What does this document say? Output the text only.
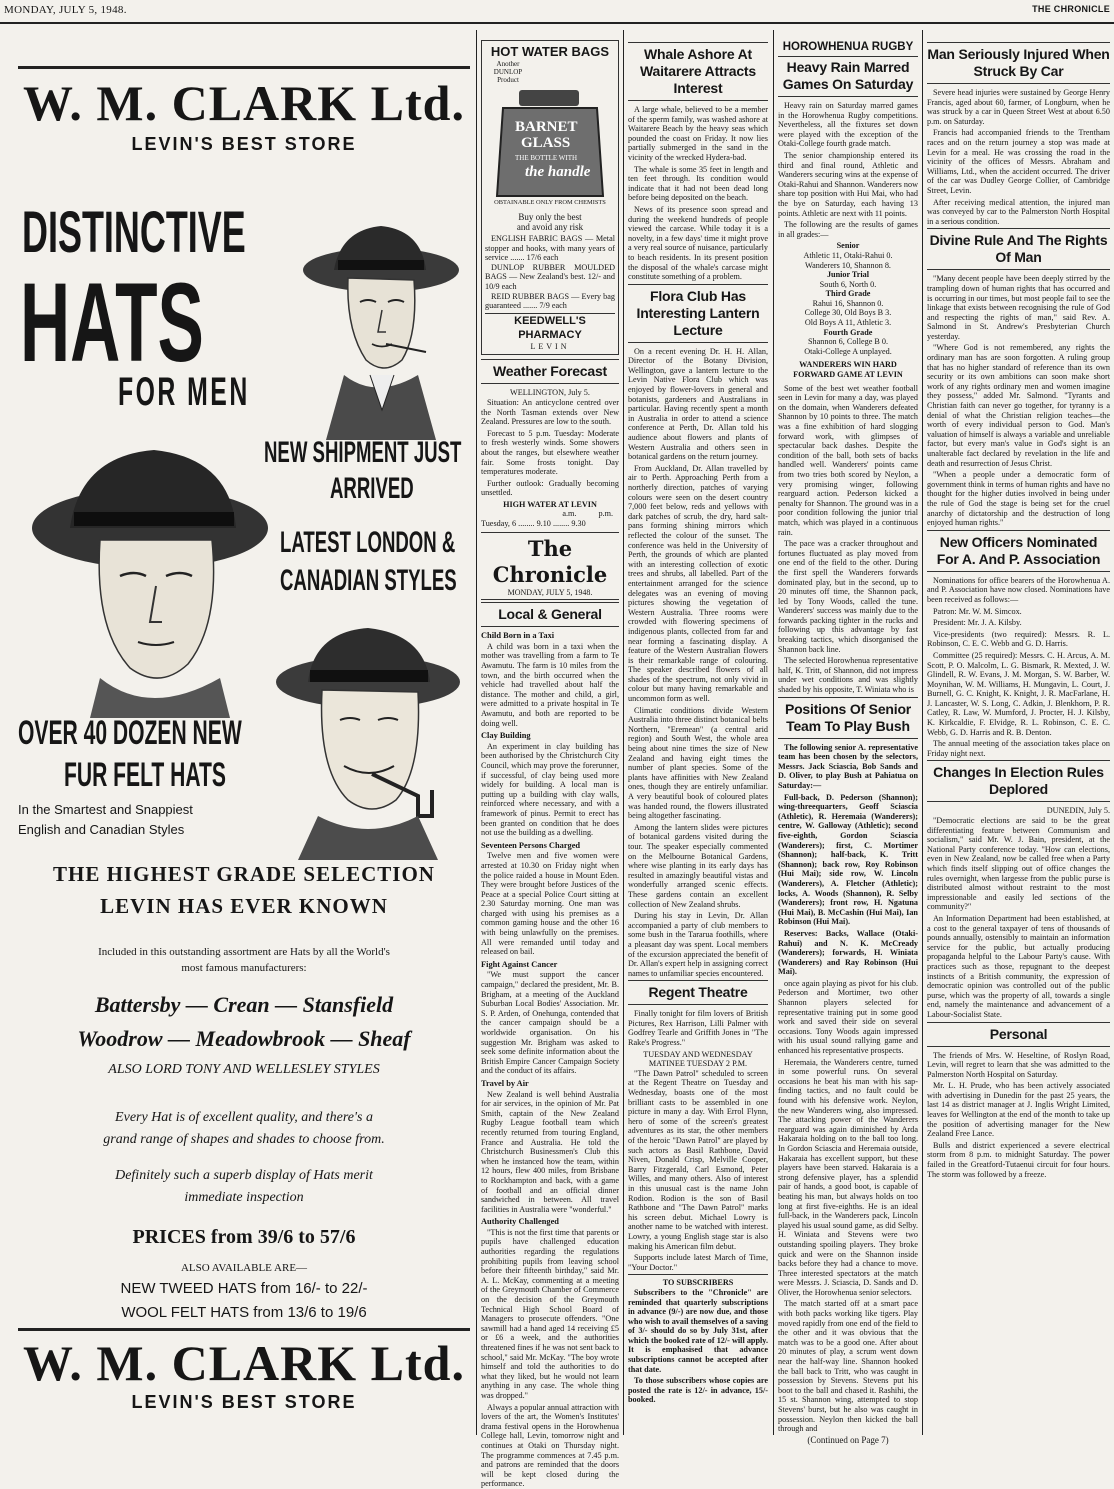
MONDAY, JULY 5, 1948.	THE CHRONICLE
W. M. CLARK Ltd.
LEVIN'S BEST STORE
DISTINCTIVE
HATS
FOR MEN
NEW SHIPMENT JUST
ARRIVED
LATEST LONDON &
CANADIAN STYLES
OVER 40 DOZEN NEW
FUR FELT HATS
In the Smartest and Snappiest
English and Canadian Styles
THE HIGHEST GRADE SELECTION
LEVIN HAS EVER KNOWN
Included in this outstanding assortment are Hats by all the World's
most famous manufacturers:
Battersby — Crean — Stansfield
Woodrow — Meadowbrook — Sheaf
ALSO LORD TONY AND WELLESLEY STYLES
Every Hat is of excellent quality, and there's a
grand range of shapes and shades to choose from.
Definitely such a superb display of Hats merit
immediate inspection
PRICES from 39/6 to 57/6
ALSO AVAILABLE ARE—
NEW TWEED HATS from 16/- to 22/-
WOOL FELT HATS from 13/6 to 19/6
W. M. CLARK Ltd.
LEVIN'S BEST STORE
HOT WATER BAGS
Another DUNLOP Product
BARNET
GLASS
THE BOTTLE WITH
the handle
OBTAINABLE ONLY FROM CHEMISTS
Buy only the best
and avoid any risk

ENGLISH FABRIC BAGS — Metal stopper and hooks, with many years of service ....... 17/6 each

DUNLOP RUBBER MOULDED BAGS — New Zealand's best. 12/- and 10/9 each

REID RUBBER BAGS — Every bag guaranteed ....... 7/9 each

KEEDWELL'S PHARMACY
LEVIN
Weather Forecast
WELLINGTON, July 5.

Situation: An anticyclone centred over the North Tasman extends over New Zealand. Pressures are low to the south.

Forecast to 5 p.m. Tuesday: Moderate to fresh westerly winds. Some showers about the ranges, but elsewhere weather fair. Some frosts tonight. Day temperatures moderate.

Further outlook: Gradually becoming unsettled.

HIGH WATER AT LEVIN
a.m.	p.m.
Tuesday, 6 ........ 9.10 ........ 9.30
The Chronicle
MONDAY, JULY 5, 1948.
Local & General
Child Born in a Taxi

A child was born in a taxi when the mother was travelling from a farm to Te Awamutu. The farm is 10 miles from the town, and the birth occurred when the vehicle had travelled about half the distance. The mother and child, a girl, were admitted to a private hospital in Te Awamutu, and both are reported to be doing well.

Clay Building

An experiment in clay building has been authorised by the Christchurch City Council, which may prove the forerunner, if successful, of clay being used more widely for building. A local man is putting up a building with clay walls, reinforced where necessary, and with a framework of pinus. Permit to erect has been granted on condition that he does not use the building as a dwelling.

Seventeen Persons Charged

Twelve men and five women were arrested at 10.30 on Friday night when the police raided a house in Mount Eden. They were brought before Justices of the Peace at a special Police Court sitting at 2.30 Saturday morning. One man was charged with using his premises as a common gaming house and the other 16 with being unlawfully on the premises. All were remanded until today and released on bail.

Fight Against Cancer

"We must support the cancer campaign," declared the president, Mr. B. Brigham, at a meeting of the Auckland Suburban Local Bodies' Association. Mr. S. P. Arden, of Onehunga, contended that the cancer campaign should be a worldwide organisation. On his suggestion Mr. Brigham was asked to seek some definite information about the British Empire Cancer Campaign Society and the conduct of its affairs.

Travel by Air

New Zealand is well behind Australia for air services, in the opinion of Mr. Pat Smith, captain of the New Zealand Rugby League football team which recently returned from touring England, France and Australia. He told the Christchurch Businessmen's Club this when he instanced how the team, within 12 hours, flew 400 miles, from Brisbane to Rockhampton and back, with a game of football and an official dinner sandwiched in between. All travel facilities in Australia were "wonderful."

Authority Challenged

"This is not the first time that parents or pupils have challenged education authorities regarding the regulations prohibiting pupils from leaving school before their fifteenth birthday," said Mr. A. L. McKay, commenting at a meeting of the Greymouth Chamber of Commerce on the decision of the Greymouth Technical High School Board of Managers to prosecute offenders. "One sawmill had a hand aged 14 receiving £5 or £6 a week, and the authorities threatened fines if he was not sent back to school," said Mr. McKay. "The boy wrote himself and told the authorities to do what they liked, but he would not learn anything in any case. The whole thing was dropped."

Always a popular annual attraction with lovers of the art, the Women's Institutes' drama festival opens in the Horowhenua College hall, Levin, tomorrow night and continues at Otaki on Thursday night. The programme commences at 7.45 p.m. and patrons are reminded that the doors will be kept closed during the performance.

Whale Ashore At Waitarere Attracts Interest

A large whale, believed to be a member of the sperm family, was washed ashore at Waitarere Beach by the heavy seas which pounded the coast on Friday. It now lies partially submerged in the sand in the vicinity of the wrecked Hydera-bad.

The whale is some 35 feet in length and ten feet through. Its condition would indicate that it had not been dead long before being deposited on the beach.

News of its presence soon spread and during the weekend hundreds of people viewed the carcase. While today it is a novelty, in a few days' time it might prove a very real source of nuisance, particularly to beach residents. In its present position the disposal of the whale's carcase might constitute something of a problem.

Flora Club Has Interesting Lantern Lecture

On a recent evening Dr. H. H. Allan, Director of the Botany Division, Wellington, gave a lantern lecture to the Levin Native Flora Club which was enjoyed by flower-lovers in general and botanists, gardeners and Australians in particular. Having recently spent a month in Australia in order to attend a science conference at Perth, Dr. Allan told his audience about flowers and plants of Western Australia and others seen in botanical gardens on the return journey.

From Auckland, Dr. Allan travelled by air to Perth. Approaching Perth from a northerly direction, patches of varying colours were seen on the desert country 7,000 feet below, reds and yellows with dark patches of scrub, the dry, hard salt-pans forming shining mirrors which reflected the colour of the sunset. The conference was held in the University of Perth, the grounds of which are planted with an interesting collection of exotic trees and shrubs, all labelled. Part of the entertainment arranged for the science delegates was an evening of moving pictures showing the vegetation of Western Australia. Three rooms were crowded with flowering specimens of indigenous plants, collected from far and near forming a fascinating display. A feature of the Western Australian flowers is their remarkable range of colouring. The speaker described flowers of all shades of the spectrum, not only vivid in colour but many having remarkable and uncommon form as well.

Climatic conditions divide Western Australia into three distinct botanical belts Northern, "Eremean" (a central arid region) and South West, the whole area being about nine times the size of New Zealand and having eight times the number of plant species. Some of the plants have affinities with New Zealand ones, though they are entirely unfamiliar. A very beautiful book of coloured plates was handed round, the flowers illustrated being altogether fascinating.

Among the lantern slides were pictures of botanical gardens visited during the tour. The speaker especially commented on the Melbourne Botanical Gardens, where wise planting in its early days has resulted in amazingly beautiful vistas and wonderfully arranged scenic effects. These gardens contain an excellent collection of New Zealand shrubs.

During his stay in Levin, Dr. Allan accompanied a party of club members to some bush in the Tararua foothills, where a pleasant day was spent. Local members of the excursion appreciated the benefit of Dr. Allan's expert help in assigning correct names to unfamiliar species encountered.

Regent Theatre

Finally tonight for film lovers of British Pictures, Rex Harrison, Lilli Palmer with Godfrey Tearle and Griffith Jones in "The Rake's Progress."

TUESDAY AND WEDNESDAY MATINEE TUESDAY 2 P.M.

"The Dawn Patrol" scheduled to screen at the Regent Theatre on Tuesday and Wednesday, boasts one of the most brilliant casts to be assembled in one picture in many a day. With Errol Flynn, hero of some of the screen's greatest adventures as its star, the other members of the heroic "Dawn Patrol" are played by such actors as Basil Rathbone, David Niven, Donald Crisp, Melville Cooper, Barry Fitzgerald, Carl Esmond, Peter Willes, and many others. Also of interest in this unusual cast is the name John Rodion. Rodion is the son of Basil Rathbone and "The Dawn Patrol" marks his screen debut. Michael Lowry is another name to be watched with interest. Lowry, a young English stage star is also making his American film debut.

Supports include latest March of Time, "Your Doctor."

TO SUBSCRIBERS

Subscribers to the "Chronicle" are reminded that quarterly subscriptions in advance (9/-) are now due, and those who wish to avail themselves of a saving of 3/- should do so by July 31st, after which the booked rate of 12/- will apply. It is emphasised that advance subscriptions cannot be accepted after that date.

To those subscribers whose copies are posted the rate is 12/- in advance, 15/- booked.

HOROWHENUA RUGBY
Heavy Rain Marred Games On Saturday

Heavy rain on Saturday marred games in the Horowhenua Rugby competitions. Nevertheless, all the fixtures set down were played with the exception of the Otaki-College fourth grade match.

The senior championship entered its third and final round, Athletic and Wanderers securing wins at the expense of Otaki-Rahui and Shannon. Wanderers now share top position with Hui Mai, who had the bye on Saturday, each having 13 points. Athletic are next with 11 points.

The following are the results of games in all grades:—

Senior
Athletic 11, Otaki-Rahui 0.
Wanderers 10, Shannon 8.
Junior Trial
South 6, North 0.
Third Grade
Rahui 16, Shannon 0.
College 30, Old Boys B 3.
Old Boys A 11, Athletic 3.
Fourth Grade
Shannon 6, College B 0.
Otaki-College A unplayed.
WANDERERS WIN HARD FORWARD GAME AT LEVIN

Some of the best wet weather football seen in Levin for many a day, was played on the domain, when Wanderers defeated Shannon by 10 points to three. The match was a fine exhibition of hard slogging forward work, with glimpses of spectacular back dashes. Despite the condition of the ball, both sets of backs handled well. Wanderers' points came from two tries both scored by Neylon, a very promising winger, following rearguard action. Pederson kicked a penalty for Shannon. The ground was in a poor condition following the junior trial match, which was played in a continuous rain.

The pace was a cracker throughout and fortunes fluctuated as play moved from one end of the field to the other. During the first spell the Wanderers forwards dominated play, but in the second, up to 20 minutes off time, the Shannon pack, led by Tony Woods, called the tune. Wanderers' success was mainly due to the forwards packing tighter in the rucks and following up this advantage by fast breaking tactics, which disorganised the Shannon back line.

The selected Horowhenua representative half, K. Tritt, of Shannon, did not impress under wet conditions and was slightly shaded by his opposite, T. Winiata who is

Positions Of Senior Team To Play Bush

The following senior A. representative team has been chosen by the selectors, Messrs. Jack Sciascia, Bob Sands and D. Oliver, to play Bush at Pahiatua on Saturday:—

Full-back, D. Pederson (Shannon); wing-threequarters, Geoff Sciascia (Athletic), R. Heremaia (Wanderers); centre, W. Galloway (Athletic); second five-eighth, Gordon Sciascia (Wanderers); first, C. Mortimer (Shannon); half-back, K. Tritt (Shannon); back row, Roy Robinson (Hui Mai); side row, W. Lincoln (Wanderers), A. Fletcher (Athletic); locks, A. Woods (Shannon), R. Selby (Wanderers); front row, H. Ngatuna (Hui Mai), B. McCashin (Hui Mai), Ian Robinson (Hui Mai).

Reserves: Backs, Wallace (Otaki-Rahui) and N. K. McCready (Wanderers); forwards, H. Winiata (Wanderers) and Ray Robinson (Hui Mai).

once again playing as pivot for his club. Pederson and Mortimer, two other Shannon players selected for representative training put in some good work and saved their side on several occasions. Tony Woods again impressed with his usual sound rallying game and enhanced his representative prospects.

Heremaia, the Wanderers centre, turned in some powerful runs. On several occasions he beat his man with his sap-finding tactics, and no fault could be found with his defensive work. Neylon, the new Wanderers wing, also impressed. The attacking power of the Wanderers rearguard was again diminished by Arda Hakaraia holding on to the ball too long. In Gordon Sciascia and Heremaia outside, Hakaraia has excellent support, but these players have been starved. Hakaraia is a strong defensive player, has a splendid pair of hands, a good boot, is capable of beating his man, but always holds on too long at first five-eighths. He is an ideal full-back, in the Wanderers pack, Lincoln played his usual sound game, as did Selby. H. Winiata and Stevens were two outstanding spoiling players. They broke quick and were on the Shannon inside backs before they had a chance to move. Three interested spectators at the match were Messrs. J. Sciascia, D. Sands and D. Oliver, the Horowhenua senior selectors.

The match started off at a smart pace with both packs working like tigers. Play moved rapidly from one end of the field to the other and it was obvious that the match was to be a good one. After about 20 minutes of play, a scrum went down near the half-way line. Shannon hooked the ball back to Tritt, who was caught in possession by Stevens. Stevens put his boot to the ball and chased it. Rashihi, the 15 st. Shannon wing, attempted to stop Stevens' burst, but he also was caught in possession. Neylon then kicked the ball through and

(Continued on Page 7)
Man Seriously Injured When Struck By Car

Severe head injuries were sustained by George Henry Francis, aged about 60, farmer, of Longburn, when he was struck by a car in Queen Street West at about 6.50 p.m. on Saturday.

Francis had accompanied friends to the Trentham races and on the return journey a stop was made at Levin for a meal. He was crossing the road in the vicinity of the offices of Messrs. Abraham and Williams, Ltd., when the accident occurred. The driver of the car was Dudley George Collier, of Cambridge Street, Levin.

After receiving medical attention, the injured man was conveyed by car to the Palmerston North Hospital in a serious condition.

Divine Rule And The Rights Of Man

"Many decent people have been deeply stirred by the trampling down of human rights that has occurred and is occurring in our times, but most people fail to see the linkage that exists between recognising the rule of God and respecting the rights of man," said Rev. A. Salmond in St. Andrew's Presbyterian Church yesterday.

"Where God is not remembered, any rights the ordinary man has are soon forgotten. A ruling group that has no higher standard of reference than its own security or its own ambitions can soon make short work of any rights ordinary men and women imagine they possess," added Mr. Salmond. "Tyrants and Christian faith can never go together, for tyranny is a denial of what the Christian religion teaches—the worth of every individual person to God. Man's valuation of himself is always a variable and unreliable factor, but every man's value in God's sight is an unalterable fact declared by revelation in the life and death and resurrection of Jesus Christ.

"When a people under a democratic form of government think in terms of human rights and have no thought for the higher duties involved in being under the rule of God the stage is being set for the cruel anarchy of dictatorship and the destruction of long enjoyed human rights."

New Officers Nominated For A. And P. Association

Nominations for office bearers of the Horowhenua A. and P. Association have now closed. Nominations have been received as follows:—

Patron: Mr. W. M. Simcox.

President: Mr. J. A. Kilsby.

Vice-presidents (two required): Messrs. R. L. Robinson, C. E. C. Webb and G. D. Harris.

Committee (25 required): Messrs. C. H. Arcus, A. M. Scott, P. O. Malcolm, L. G. Bismark, R. Mexted, J. W. Glindell, R. W. Evans, J. M. Morgan, S. W. Barber, W. Moynihan, W. M. Williams, H. Mungavin, L. Court, J. Burnell, G. C. Knight, K. Knight, J. R. MacFarlane, H. J. Lancaster, W. S. Long, C. Adkin, J. Blenkhorn, P. R. Catley, R. Law, W. Mumford, J. Procter, H. J. Kilsby, K. Kirkcaldie, F. Elvidge, R. L. Robinson, C. E. C. Webb, G. D. Harris and R. B. Denton.

The annual meeting of the association takes place on Friday night next.

Changes In Election Rules Deplored
DUNEDIN, July 5.

"Democratic elections are said to be the great differentiating feature between Communism and socialism," said Mr. W. J. Bain, president, at the National Party conference today. "How can elections, even in New Zealand, now be called free when a Party which finds itself slipping out of office changes the rules overnight, when largesse from the public purse is distributed almost without restraint to the most impressionable and easily led sections of the community?"

An Information Department had been established, at a cost to the general taxpayer of tens of thousands of pounds annually, ostensibly to maintain an information service for the public, but actually producing propaganda helpful to the Labour Party's cause. With practices such as those, repugnant to the deepest instincts of a British community, the expression of democratic opinion was controlled out of the public purse, which was the property of all, towards a single end, namely the maintenance and advancement of a Labour-Socialist State.

Personal

The friends of Mrs. W. Heseltine, of Roslyn Road, Levin, will regret to learn that she was admitted to the Palmerston North Hospital on Saturday.

Mr. L. H. Prude, who has been actively associated with advertising in Dunedin for the past 25 years, the last 14 as district manager at J. Inglis Wright Limited, leaves for Wellington at the end of the month to take up the position of advertising manager for the New Zealand Free Lance.

Bulls and district experienced a severe electrical storm from 8 p.m. to midnight Saturday. The power failed in the Greatford-Tutaenui circuit for four hours. The storm was followed by a freeze.
